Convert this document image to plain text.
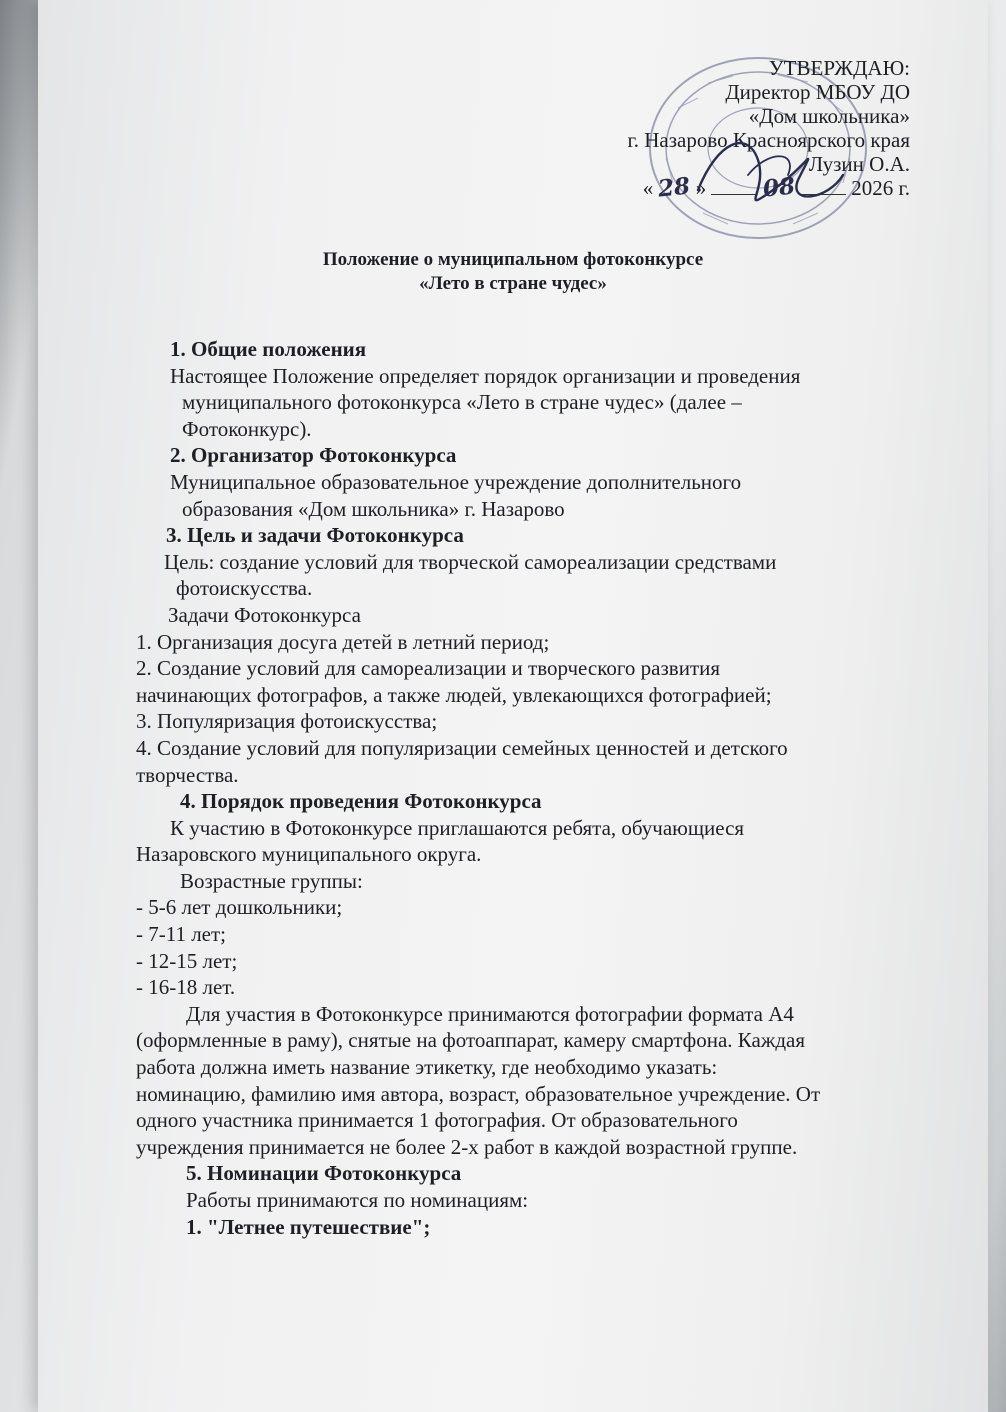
УТВЕРЖДАЮ:
Директор МБОУ ДО
«Дом школьника»
г. Назарово Красноярского края
Лузин О.А.
« 28 » 08	2026 г.
Положение о муниципальном фотоконкурсе
«Лето в стране чудес»
1. Общие положения
Настоящее Положение определяет порядок организации и проведения
муниципального фотоконкурса «Лето в стране чудес» (далее –
Фотоконкурс).
2. Организатор Фотоконкурса
Муниципальное образовательное учреждение дополнительного
образования «Дом школьника» г. Назарово
3. Цель и задачи Фотоконкурса
Цель: создание условий для творческой самореализации средствами
фотоискусства.
Задачи Фотоконкурса
1. Организация досуга детей в летний период;
2. Создание условий для самореализации и творческого развития
начинающих фотографов, а также людей, увлекающихся фотографией;
3. Популяризация фотоискусства;
4. Создание условий для популяризации семейных ценностей и детского
творчества.
4. Порядок проведения Фотоконкурса
К участию в Фотоконкурсе приглашаются ребята, обучающиеся
Назаровского муниципального округа.
Возрастные группы:
- 5-6 лет дошкольники;
- 7-11 лет;
- 12-15 лет;
- 16-18 лет.
Для участия в Фотоконкурсе принимаются фотографии формата А4
(оформленные в раму), снятые на фотоаппарат, камеру смартфона. Каждая
работа должна иметь название этикетку, где необходимо указать:
номинацию, фамилию имя автора, возраст, образовательное учреждение. От
одного участника принимается 1 фотография. От образовательного
учреждения принимается не более 2-х работ в каждой возрастной группе.
5. Номинации Фотоконкурса
Работы принимаются по номинациям:
1. "Летнее путешествие";
